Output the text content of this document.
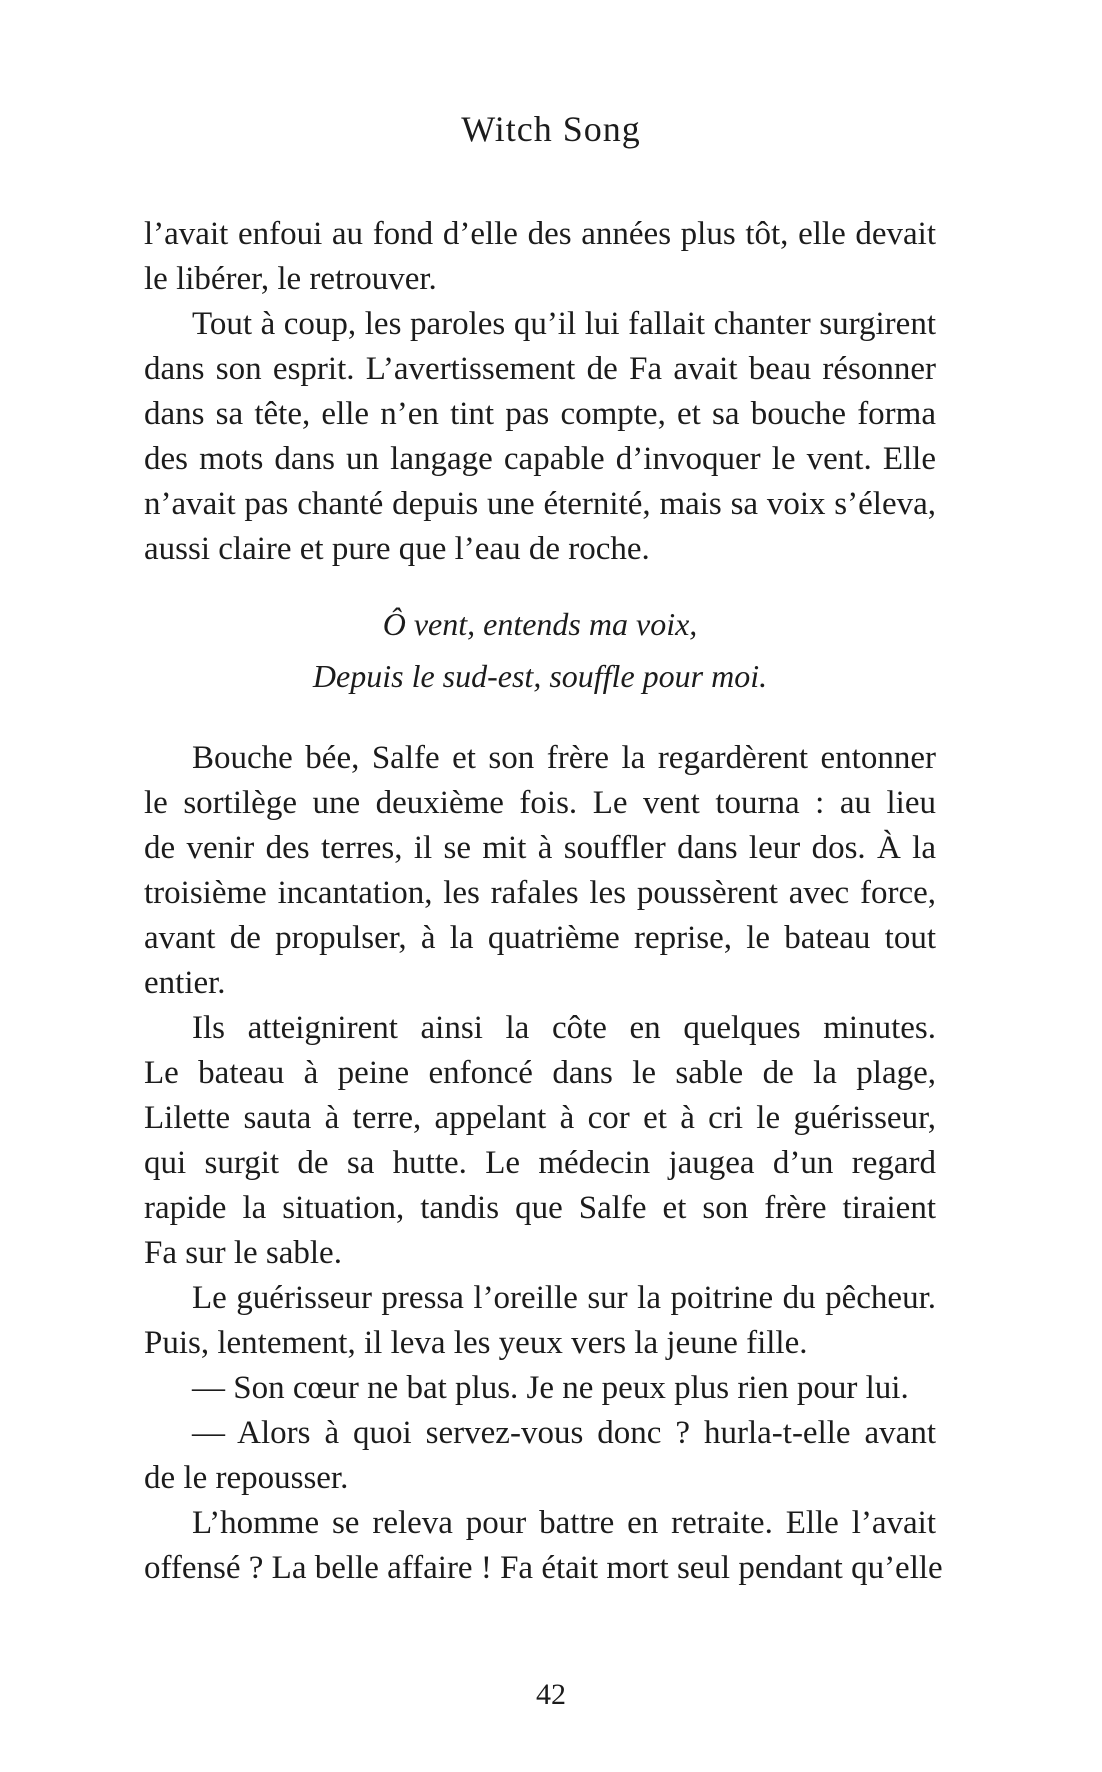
Witch Song
l’avait enfoui au fond d’elle des années plus tôt, elle devait
le libérer, le retrouver.
Tout à coup, les paroles qu’il lui fallait chanter surgirent
dans son esprit. L’avertissement de Fa avait beau résonner
dans sa tête, elle n’en tint pas compte, et sa bouche forma
des mots dans un langage capable d’invoquer le vent. Elle
n’avait pas chanté depuis une éternité, mais sa voix s’éleva,
aussi claire et pure que l’eau de roche.
Ô vent, entends ma voix,
Depuis le sud-est, souffle pour moi.
Bouche bée, Salfe et son frère la regardèrent entonner
le sortilège une deuxième fois. Le vent tourna : au lieu
de venir des terres, il se mit à souffler dans leur dos. À la
troisième incantation, les rafales les poussèrent avec force,
avant de propulser, à la quatrième reprise, le bateau tout
entier.
Ils atteignirent ainsi la côte en quelques minutes.
Le bateau à peine enfoncé dans le sable de la plage,
Lilette sauta à terre, appelant à cor et à cri le guérisseur,
qui surgit de sa hutte. Le médecin jaugea d’un regard
rapide la situation, tandis que Salfe et son frère tiraient
Fa sur le sable.
Le guérisseur pressa l’oreille sur la poitrine du pêcheur.
Puis, lentement, il leva les yeux vers la jeune fille.
— Son cœur ne bat plus. Je ne peux plus rien pour lui.
— Alors à quoi servez-vous donc ? hurla-t-elle avant
de le repousser.
L’homme se releva pour battre en retraite. Elle l’avait
offensé ? La belle affaire ! Fa était mort seul pendant qu’elle
42
